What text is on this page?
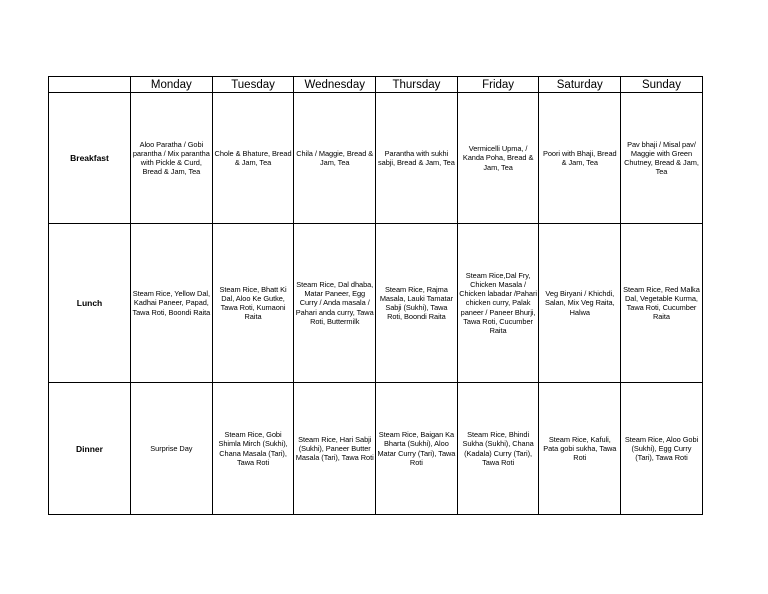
	Monday	Tuesday	Wednesday	Thursday	Friday	Saturday	Sunday
Breakfast	Aloo Paratha / Gobi parantha / Mix parantha with Pickle & Curd, Bread & Jam, Tea	Chole & Bhature, Bread & Jam, Tea	Chila / Maggie, Bread & Jam, Tea	Parantha with sukhi sabji, Bread & Jam, Tea	Vermicelli Upma, / Kanda Poha, Bread & Jam, Tea	Poori with Bhaji, Bread & Jam, Tea	Pav bhaji / Misal pav/ Maggie with Green Chutney, Bread & Jam, Tea
Lunch	Steam Rice, Yellow Dal, Kadhai Paneer, Papad, Tawa Roti, Boondi Raita	Steam Rice, Bhatt Ki Dal, Aloo Ke Gutke, Tawa Roti, Kumaoni Raita	Steam Rice, Dal dhaba, Matar Paneer, Egg Curry / Anda masala / Pahari anda curry, Tawa Roti, Buttermilk	Steam Rice, Rajma Masala, Lauki Tamatar Sabji (Sukhi), Tawa Roti, Boondi Raita	Steam Rice,Dal Fry, Chicken Masala / Chicken labadar /Pahari chicken curry, Palak paneer / Paneer Bhurji, Tawa Roti, Cucumber Raita	Veg Biryani / Khichdi, Salan, Mix Veg Raita, Halwa	Steam Rice, Red Malka Dal, Vegetable Kurma, Tawa Roti, Cucumber Raita
Dinner	Surprise Day	Steam Rice, Gobi Shimla Mirch (Sukhi), Chana Masala (Tari), Tawa Roti	Steam Rice, Hari Sabji (Sukhi), Paneer Butter Masala (Tari), Tawa Roti	Steam Rice, Baigan Ka Bharta (Sukhi), Aloo Matar Curry (Tari), Tawa Roti	Steam Rice, Bhindi Sukha (Sukhi), Chana (Kadala) Curry (Tari), Tawa Roti	Steam Rice, Kafuli, Pata gobi sukha, Tawa Roti	Steam Rice, Aloo Gobi (Sukhi), Egg Curry (Tari), Tawa Roti
